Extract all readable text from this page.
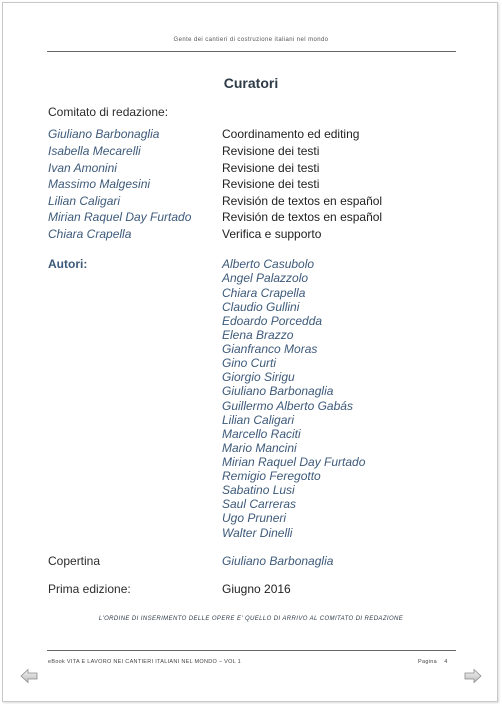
Gente dei cantieri di costruzione italiani nel mondo
Curatori
Comitato di redazione:
Giuliano Barbonaglia	Coordinamento ed editing
Isabella Mecarelli	Revisione dei testi
Ivan Amonini	Revisione dei testi
Massimo Malgesini	Revisione dei testi
Lilian Caligari	Revisión de textos en español
Mirian Raquel Day Furtado	Revisión de textos en español
Chiara Crapella	Verifica e supporto
Autori:	Alberto Casubolo
Angel Palazzolo
Chiara Crapella
Claudio Gullini
Edoardo Porcedda
Elena Brazzo
Gianfranco Moras
Gino Curti
Giorgio Sirigu
Giuliano Barbonaglia
Guillermo Alberto Gabás
Lilian Caligari
Marcello Raciti
Mario Mancini
Mirian Raquel Day Furtado
Remigio Feregotto
Sabatino Lusi
Saul Carreras
Ugo Pruneri
Walter Dinelli
Copertina	Giuliano Barbonaglia
Prima edizione:	Giugno 2016
L'ORDINE DI INSERIMENTO DELLE OPERE E' QUELLO DI ARRIVO AL COMITATO DI REDAZIONE
eBook VITA E LAVORO NEI CANTIERI ITALIANI NEL MONDO – VOL 1	Pagina 4
